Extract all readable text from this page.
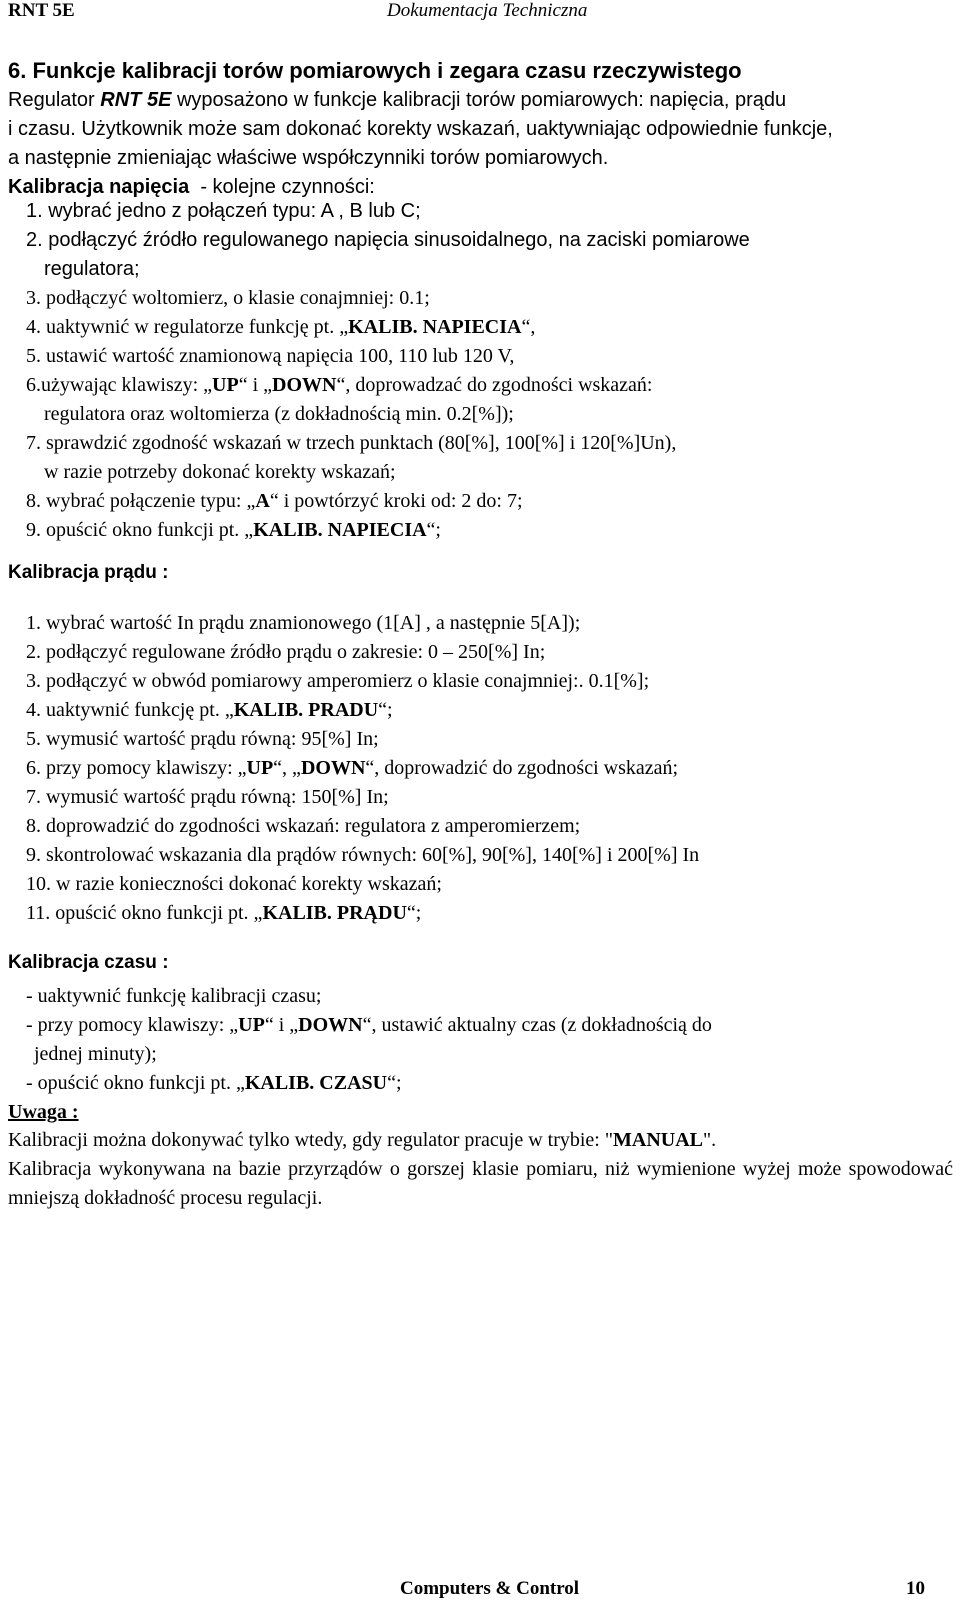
RNT 5E	Dokumentacja Techniczna
6. Funkcje kalibracji torów pomiarowych i zegara czasu rzeczywistego
Regulator RNT 5E wyposażono w funkcje kalibracji torów pomiarowych: napięcia, prądu
i czasu. Użytkownik może sam dokonać korekty wskazań, uaktywniając odpowiednie funkcje,
a następnie zmieniając właściwe współczynniki torów pomiarowych.
Kalibracja napięcia  - kolejne czynności:
1. wybrać jedno z połączeń typu: A , B lub C;
2. podłączyć źródło regulowanego napięcia sinusoidalnego, na zaciski pomiarowe
regulatora;
3. podłączyć woltomierz, o klasie conajmniej: 0.1;
4. uaktywnić w regulatorze funkcję pt. „KALIB. NAPIECIA“,
5. ustawić wartość znamionową napięcia 100, 110 lub 120 V,
6.używając klawiszy: „UP“ i „DOWN“, doprowadzać do zgodności wskazań:
regulatora oraz woltomierza (z dokładnością min. 0.2[%]);
7. sprawdzić zgodność wskazań w trzech punktach (80[%], 100[%] i 120[%]Un),
w razie potrzeby dokonać korekty wskazań;
8. wybrać połączenie typu: „A“ i powtórzyć kroki od: 2 do: 7;
9. opuścić okno funkcji pt. „KALIB. NAPIECIA“;
Kalibracja prądu :
1. wybrać wartość In prądu znamionowego (1[A] , a następnie 5[A]);
2. podłączyć regulowane źródło prądu o zakresie: 0 – 250[%] In;
3. podłączyć w obwód pomiarowy amperomierz o klasie conajmniej:. 0.1[%];
4. uaktywnić funkcję pt. „KALIB. PRADU“;
5. wymusić wartość prądu równą: 95[%] In;
6. przy pomocy klawiszy: „UP“, „DOWN“, doprowadzić do zgodności wskazań;
7. wymusić wartość prądu równą: 150[%] In;
8. doprowadzić do zgodności wskazań: regulatora z amperomierzem;
9. skontrolować wskazania dla prądów równych: 60[%], 90[%], 140[%] i 200[%] In
10. w razie konieczności dokonać korekty wskazań;
11. opuścić okno funkcji pt. „KALIB. PRĄDU“;
Kalibracja czasu :
- uaktywnić funkcję kalibracji czasu;
- przy pomocy klawiszy: „UP“ i „DOWN“, ustawić aktualny czas (z dokładnością do
jednej minuty);
- opuścić okno funkcji pt. „KALIB. CZASU“;
Uwaga :

Kalibracji można dokonywać tylko wtedy, gdy regulator pracuje w trybie: "MANUAL".

Kalibracja wykonywana na bazie przyrządów o gorszej klasie pomiaru, niż wymienione wyżej może spowodować mniejszą dokładność procesu regulacji.

Computers & Control	10
